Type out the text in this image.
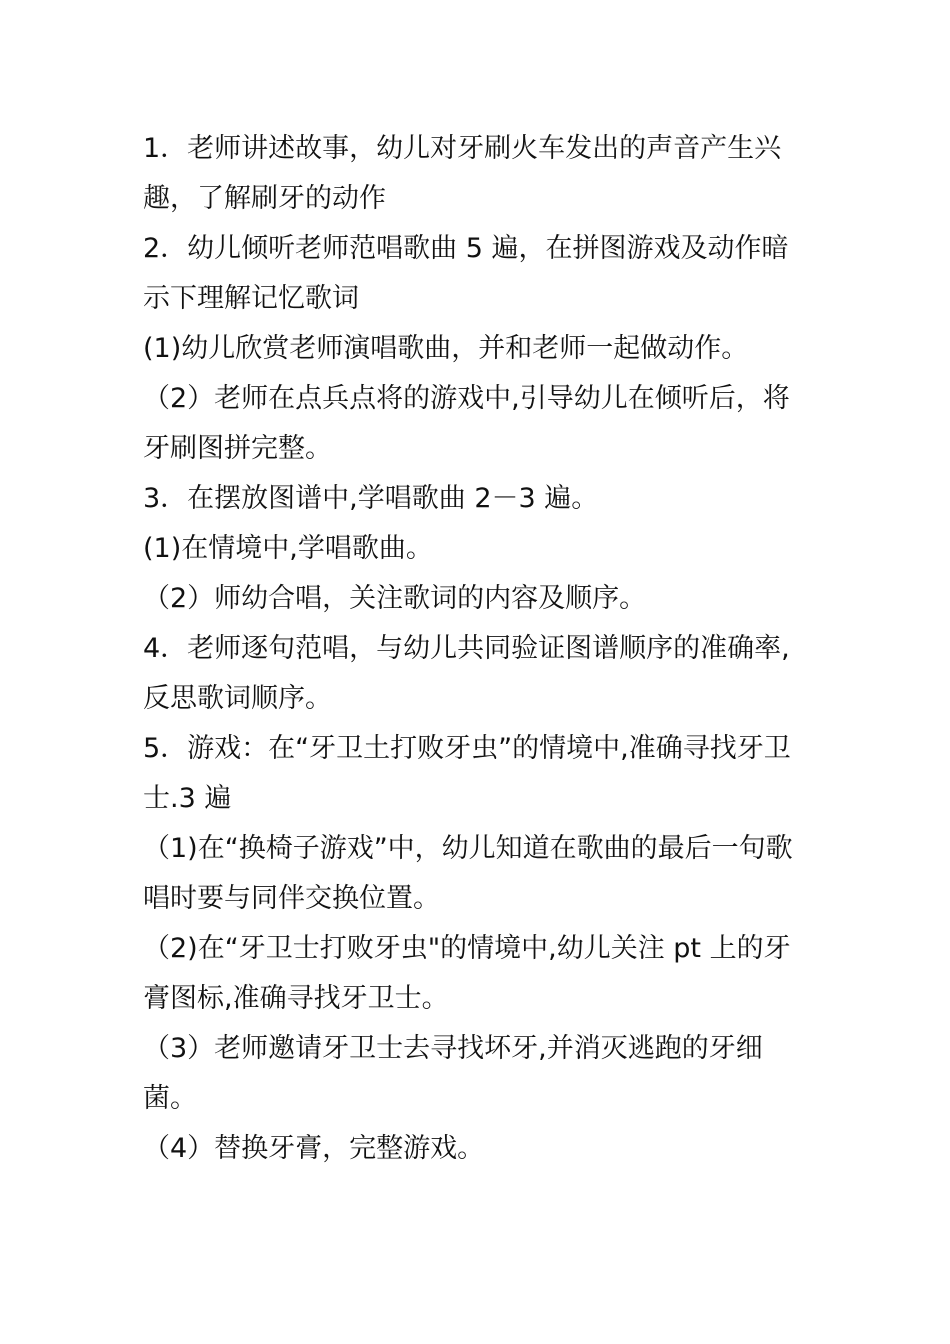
1．老师讲述故事，幼儿对牙刷火车发出的声音产生兴趣，了解刷牙的动作

2．幼儿倾听老师范唱歌曲 5 遍，在拼图游戏及动作暗示下理解记忆歌词

(1)幼儿欣赏老师演唱歌曲，并和老师一起做动作。

（2）老师在点兵点将的游戏中,引导幼儿在倾听后，将牙刷图拼完整。

3．在摆放图谱中,学唱歌曲 2－3 遍。

(1)在情境中,学唱歌曲。

（2）师幼合唱，关注歌词的内容及顺序。

4．老师逐句范唱，与幼儿共同验证图谱顺序的准确率,反思歌词顺序。

5．游戏：在“牙卫土打败牙虫”的情境中,准确寻找牙卫士.3 遍

（1)在“换椅子游戏”中，幼儿知道在歌曲的最后一句歌唱时要与同伴交换位置。

（2)在“牙卫士打败牙虫"的情境中,幼儿关注 pt 上的牙膏图标,准确寻找牙卫士。

（3）老师邀请牙卫士去寻找坏牙,并消灭逃跑的牙细菌。

（4）替换牙膏，完整游戏。
